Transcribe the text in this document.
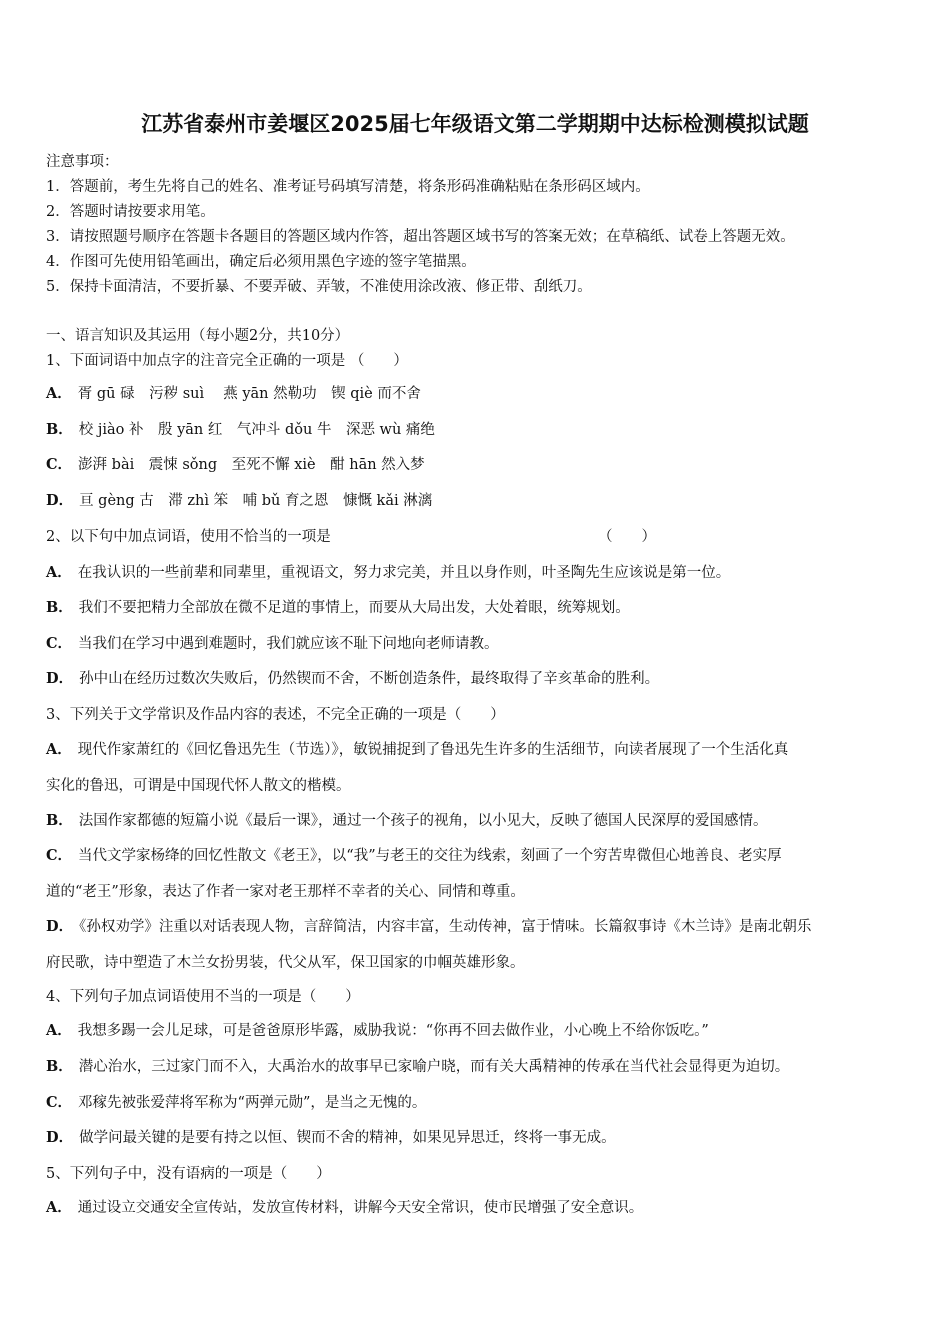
江苏省泰州市姜堰区2025届七年级语文第二学期期中达标检测模拟试题
注意事项：
1．答题前，考生先将自己的姓名、准考证号码填写清楚，将条形码准确粘贴在条形码区域内。
2．答题时请按要求用笔。
3．请按照题号顺序在答题卡各题目的答题区域内作答，超出答题区域书写的答案无效；在草稿纸、试卷上答题无效。
4．作图可先使用铅笔画出，确定后必须用黑色字迹的签字笔描黑。
5．保持卡面清洁，不要折暴、不要弄破、弄皱，不准使用涂改液、修正带、刮纸刀。
一、语言知识及其运用（每小题2分，共10分）
1、下面词语中加点字的注音完全正确的一项是 （　　）
A． 胥 gū 碌　污秽 suì　 燕 yān 然勒功　锲 qiè 而不舍
B． 校 jiào 补　殷 yān 红　气冲斗 dǒu 牛　深恶 wù 痛绝
C． 澎湃 bài　震悚 sǒng　至死不懈 xiè　酣 hān 然入梦
D． 亘 gèng 古　滞 zhì 笨　哺 bǔ 育之恩　慷慨 kǎi 淋漓
2、以下句中加点词语，使用不恰当的一项是	（　　）
A． 在我认识的一些前辈和同辈里，重视语文，努力求完美，并且以身作则，叶圣陶先生应该说是第一位。
B． 我们不要把精力全部放在微不足道的事情上，而要从大局出发，大处着眼，统筹规划。
C． 当我们在学习中遇到难题时，我们就应该不耻下问地向老师请教。
D． 孙中山在经历过数次失败后，仍然锲而不舍，不断创造条件，最终取得了辛亥革命的胜利。
3、下列关于文学常识及作品内容的表述，不完全正确的一项是（　　）
A． 现代作家萧红的《回忆鲁迅先生（节选）》，敏锐捕捉到了鲁迅先生许多的生活细节，向读者展现了一个生活化真
实化的鲁迅，可谓是中国现代怀人散文的楷模。
B． 法国作家都德的短篇小说《最后一课》，通过一个孩子的视角，以小见大，反映了德国人民深厚的爱国感情。
C． 当代文学家杨绛的回忆性散文《老王》，以“我”与老王的交往为线索，刻画了一个穷苦卑微但心地善良、老实厚
道的“老王”形象，表达了作者一家对老王那样不幸者的关心、同情和尊重。
D． 《孙权劝学》注重以对话表现人物，言辞简洁，内容丰富，生动传神，富于情味。长篇叙事诗《木兰诗》是南北朝乐
府民歌，诗中塑造了木兰女扮男装，代父从军，保卫国家的巾帼英雄形象。
4、下列句子加点词语使用不当的一项是（　　）
A． 我想多踢一会儿足球，可是爸爸原形毕露，威胁我说：“你再不回去做作业，小心晚上不给你饭吃。”
B． 潜心治水，三过家门而不入，大禹治水的故事早已家喻户晓，而有关大禹精神的传承在当代社会显得更为迫切。
C． 邓稼先被张爱萍将军称为“两弹元勋”，是当之无愧的。
D． 做学问最关键的是要有持之以恒、锲而不舍的精神，如果见异思迁，终将一事无成。
5、下列句子中，没有语病的一项是（　　）
A． 通过设立交通安全宣传站，发放宣传材料，讲解今天安全常识，使市民增强了安全意识。
